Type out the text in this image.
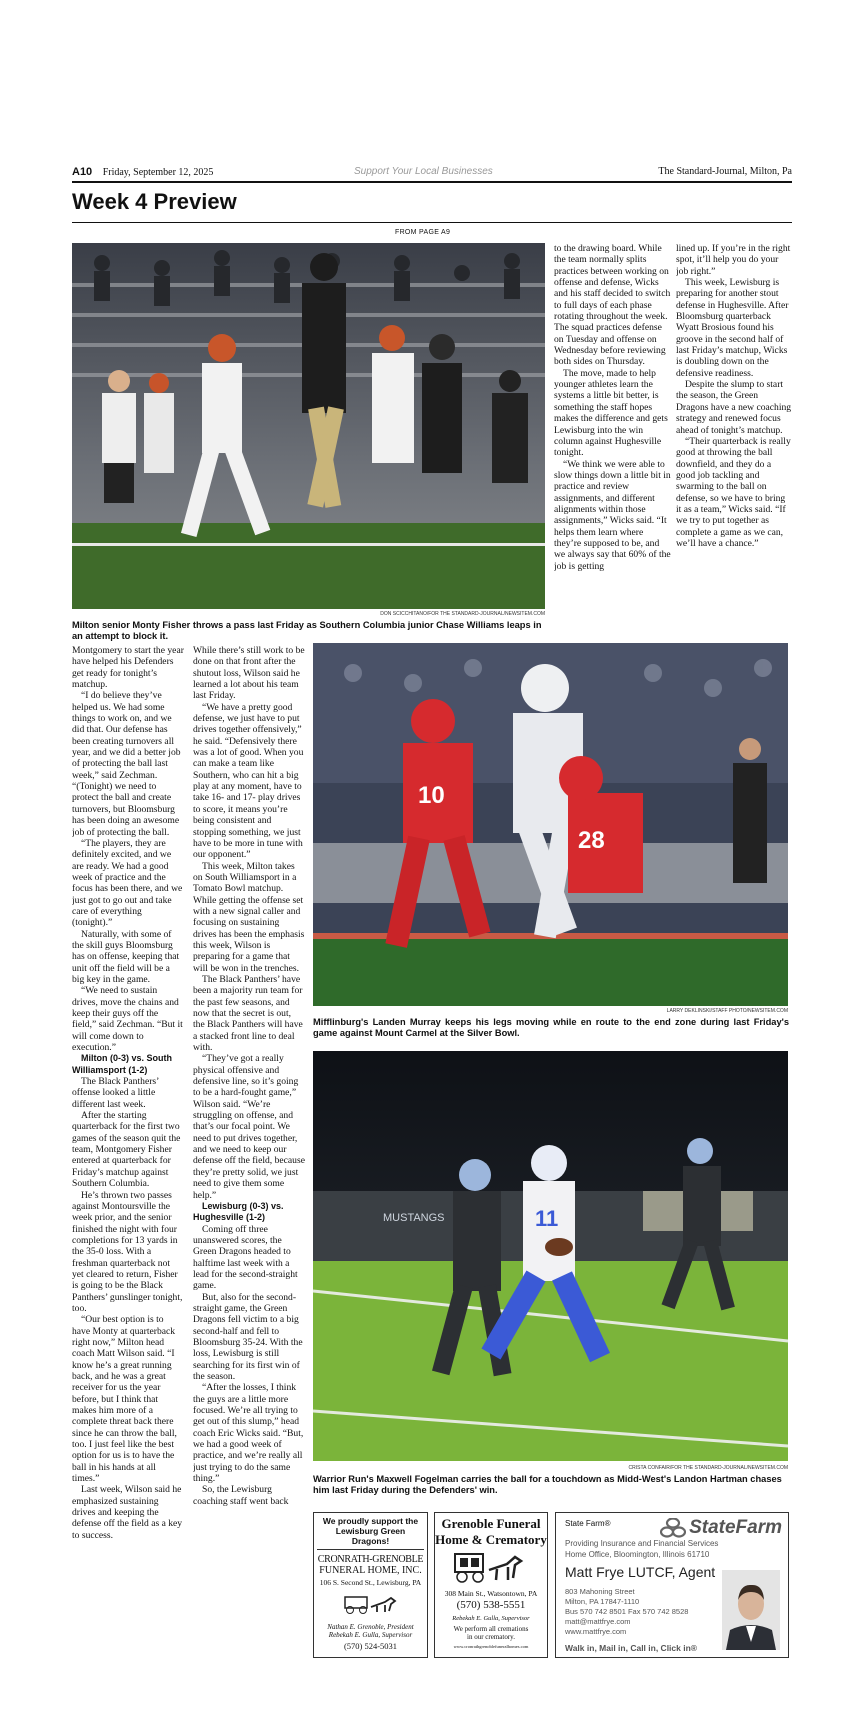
A10 Friday, September 12, 2025	Support Your Local Businesses	The Standard-Journal, Milton, Pa
Week 4 Preview
FROM PAGE A9
DON SCICCHITANO/FOR THE STANDARD-JOURNAL/NEWSITEM.COM
Milton senior Monty Fisher throws a pass last Friday as Southern Columbia junior Chase Williams leaps in an attempt to block it.
10
28
LARRY DEKLINSKI/STAFF PHOTO/NEWSITEM.COM
Mifflinburg's Landen Murray keeps his legs moving while en route to the end zone during last Friday's game against Mount Carmel at the Silver Bowl.
MUSTANGS	11
CRISTA CONFAIR/FOR THE STANDARD-JOURNAL/NEWSITEM.COM
Warrior Run's Maxwell Fogelman carries the ball for a touchdown as Midd-West's Landon Hartman chases him last Friday during the Defenders' win.

to the drawing board. While the team normally splits practices between working on offense and defense, Wicks and his staff decided to switch to full days of each phase rotating throughout the week. The squad practices defense on Tuesday and offense on Wednesday before reviewing both sides on Thursday.

The move, made to help younger athletes learn the systems a little bit better, is something the staff hopes makes the difference and gets Lewisburg into the win column against Hughesville tonight.

“We think we were able to slow things down a little bit in practice and review assignments, and different alignments within those assignments,” Wicks said. “It helps them learn where they’re supposed to be, and we always say that 60% of the job is getting

lined up. If you’re in the right spot, it’ll help you do your job right.”

This week, Lewisburg is preparing for another stout defense in Hughesville. After Bloomsburg quarterback Wyatt Brosious found his groove in the second half of last Friday’s matchup, Wicks is doubling down on the defensive readiness.

Despite the slump to start the season, the Green Dragons have a new coaching strategy and renewed focus ahead of tonight’s matchup.

“Their quarterback is really good at throwing the ball downfield, and they do a good job tackling and swarming to the ball on defense, so we have to bring it as a team,” Wicks said. “If we try to put together as complete a game as we can, we’ll have a chance.”

Montgomery to start the year have helped his Defenders get ready for tonight’s matchup.

“I do believe they’ve helped us. We had some things to work on, and we did that. Our defense has been creating turnovers all year, and we did a better job of protecting the ball last week,” said Zechman. “(Tonight) we need to protect the ball and create turnovers, but Bloomsburg has been doing an awesome job of protecting the ball.

“The players, they are definitely excited, and we are ready. We had a good week of practice and the focus has been there, and we just got to go out and take care of everything (tonight).”

Naturally, with some of the skill guys Bloomsburg has on offense, keeping that unit off the field will be a big key in the game.

“We need to sustain drives, move the chains and keep their guys off the field,” said Zechman. “But it will come down to execution.”

Milton (0-3) vs. South Williamsport (1-2)

The Black Panthers’ offense looked a little different last week.

After the starting quarterback for the first two games of the season quit the team, Montgomery Fisher entered at quarterback for Friday’s matchup against Southern Columbia.

He’s thrown two passes against Montoursville the week prior, and the senior finished the night with four completions for 13 yards in the 35-0 loss. With a freshman quarterback not yet cleared to return, Fisher is going to be the Black Panthers’ gunslinger tonight, too.

“Our best option is to have Monty at quarterback right now,” Milton head coach Matt Wilson said. “I know he’s a great running back, and he was a great receiver for us the year before, but I think that makes him more of a complete threat back there since he can throw the ball, too. I just feel like the best option for us is to have the ball in his hands at all times.”

Last week, Wilson said he emphasized sustaining drives and keeping the defense off the field as a key to success.

While there’s still work to be done on that front after the shutout loss, Wilson said he learned a lot about his team last Friday.

“We have a pretty good defense, we just have to put drives together offensively,” he said. “Defensively there was a lot of good. When you can make a team like Southern, who can hit a big play at any moment, have to take 16- and 17- play drives to score, it means you’re being consistent and stopping something, we just have to be more in tune with our opponent.”

This week, Milton takes on South Williamsport in a Tomato Bowl matchup. While getting the offense set with a new signal caller and focusing on sustaining drives has been the emphasis this week, Wilson is preparing for a game that will be won in the trenches.

The Black Panthers’ have been a majority run team for the past few seasons, and now that the secret is out, the Black Panthers will have a stacked front line to deal with.

“They’ve got a really physical offensive and defensive line, so it’s going to be a hard-fought game,” Wilson said. “We’re struggling on offense, and that’s our focal point. We need to put drives together, and we need to keep our defense off the field, because they’re pretty solid, we just need to give them some help.”

Lewisburg (0-3) vs. Hughesville (1-2)

Coming off three unanswered scores, the Green Dragons headed to halftime last week with a lead for the second-straight game.

But, also for the second-straight game, the Green Dragons fell victim to a big second-half and fell to Bloomsburg 35-24. With the loss, Lewisburg is still searching for its first win of the season.

“After the losses, I think the guys are a little more focused. We’re all trying to get out of this slump,” head coach Eric Wicks said. “But, we had a good week of practice, and we’re really all just trying to do the same thing.”

So, the Lewisburg coaching staff went back

We proudly support the Lewisburg Green Dragons!
CRONRATH-GRENOBLE
FUNERAL HOME, INC.
106 S. Second St., Lewisburg, PA
Nathan E. Grenoble, President
Rebekah E. Gulla, Supervisor
(570) 524-5031
Grenoble Funeral
Home & Crematory
308 Main St., Watsontown, PA
(570) 538-5551
Rebekah E. Gulla, Supervisor
We perform all cremations
in our crematory.
www.cronrathgrenoblefuneralhomes.com
State Farm®	StateFarm
Providing Insurance and Financial Services
Home Office, Bloomington, Illinois 61710
Matt Frye LUTCF, Agent
803 Mahoning Street
Milton, PA 17847-1110
Bus 570 742 8501 Fax 570 742 8528
matt@mattfrye.com
www.mattfrye.com
Walk in, Mail in, Call in, Click in®
